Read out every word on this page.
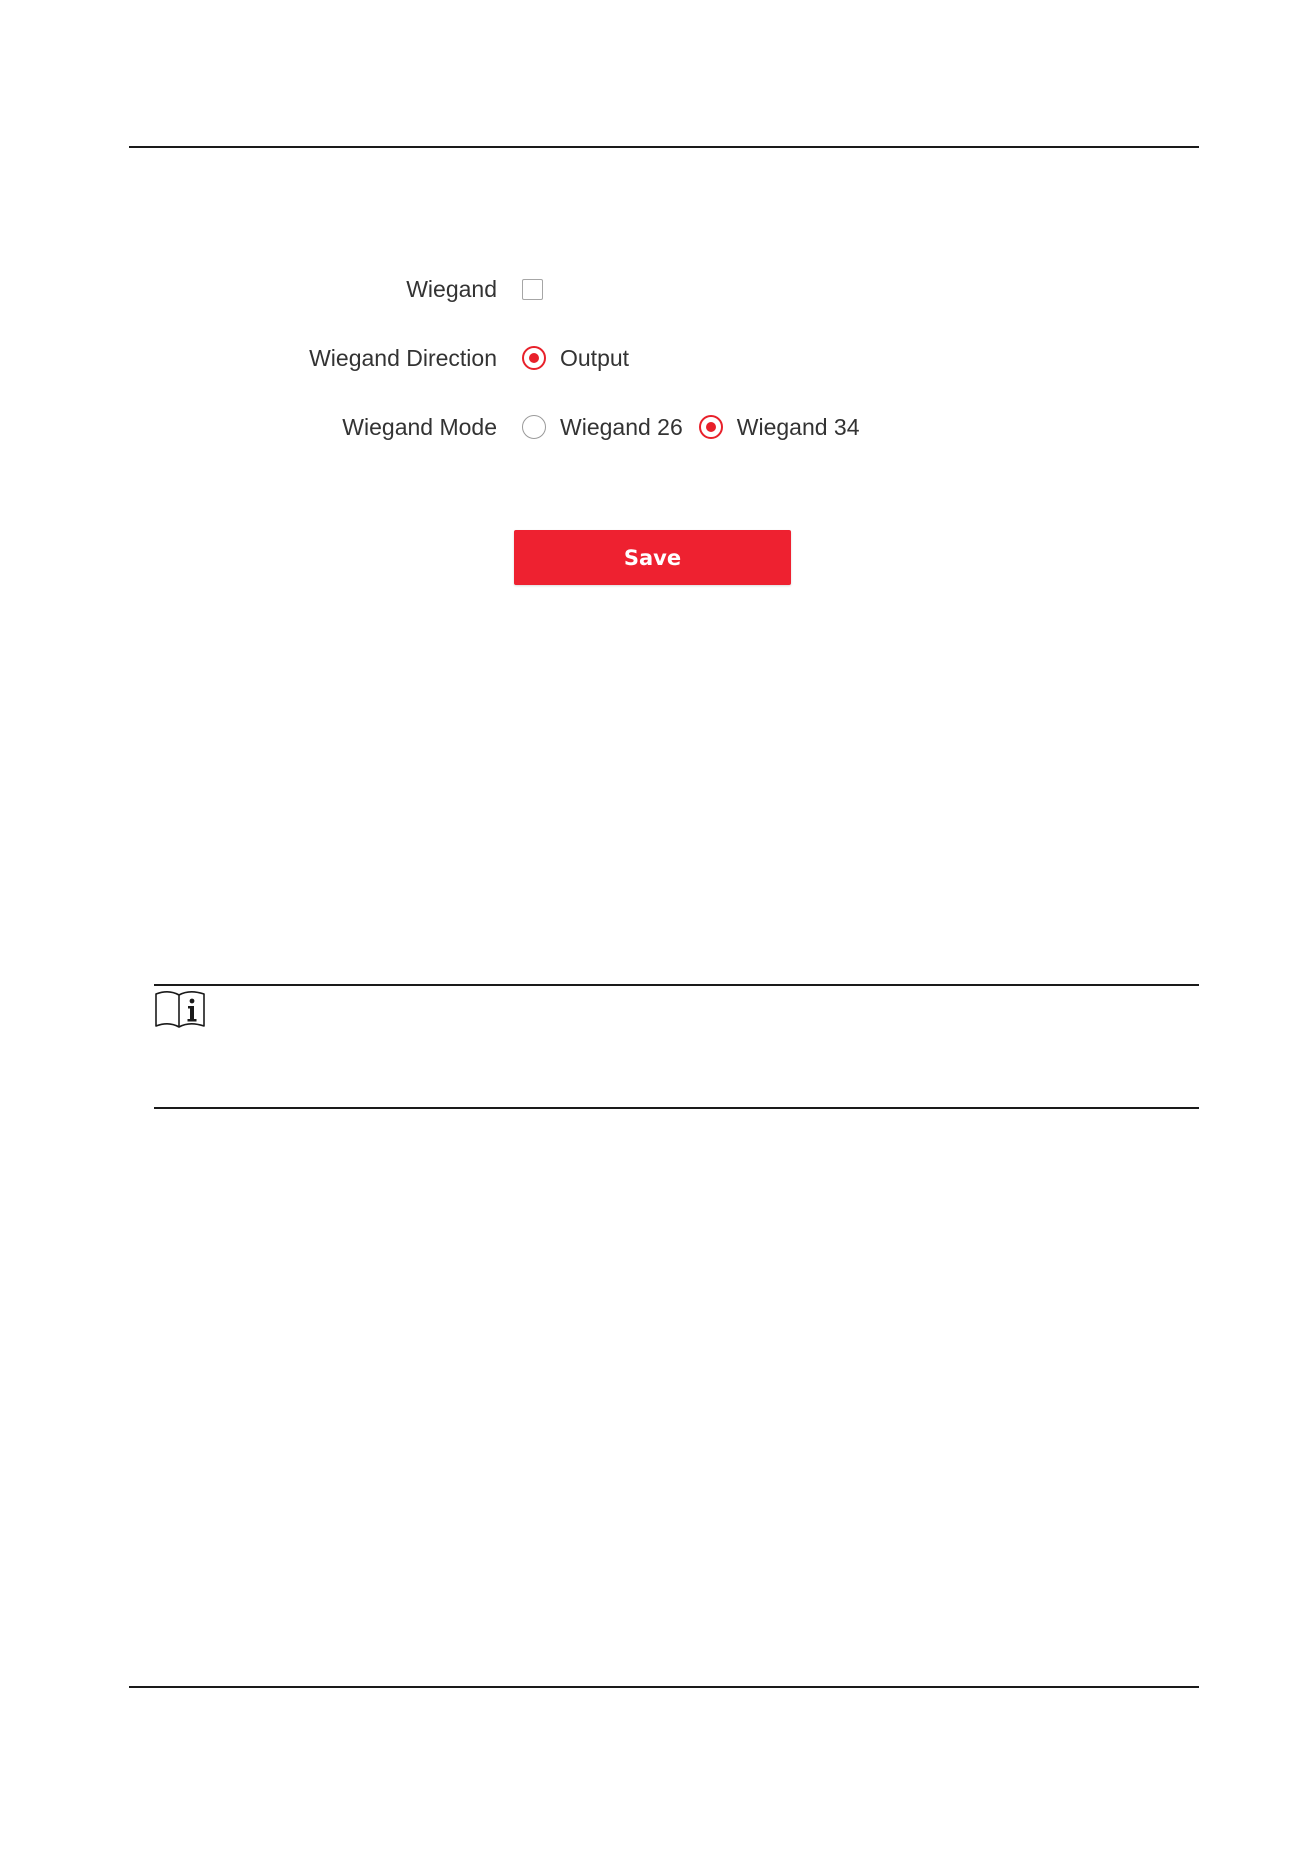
Wiegand
Wiegand Direction	Output
Wiegand Mode	Wiegand 26 Wiegand 34
Save
